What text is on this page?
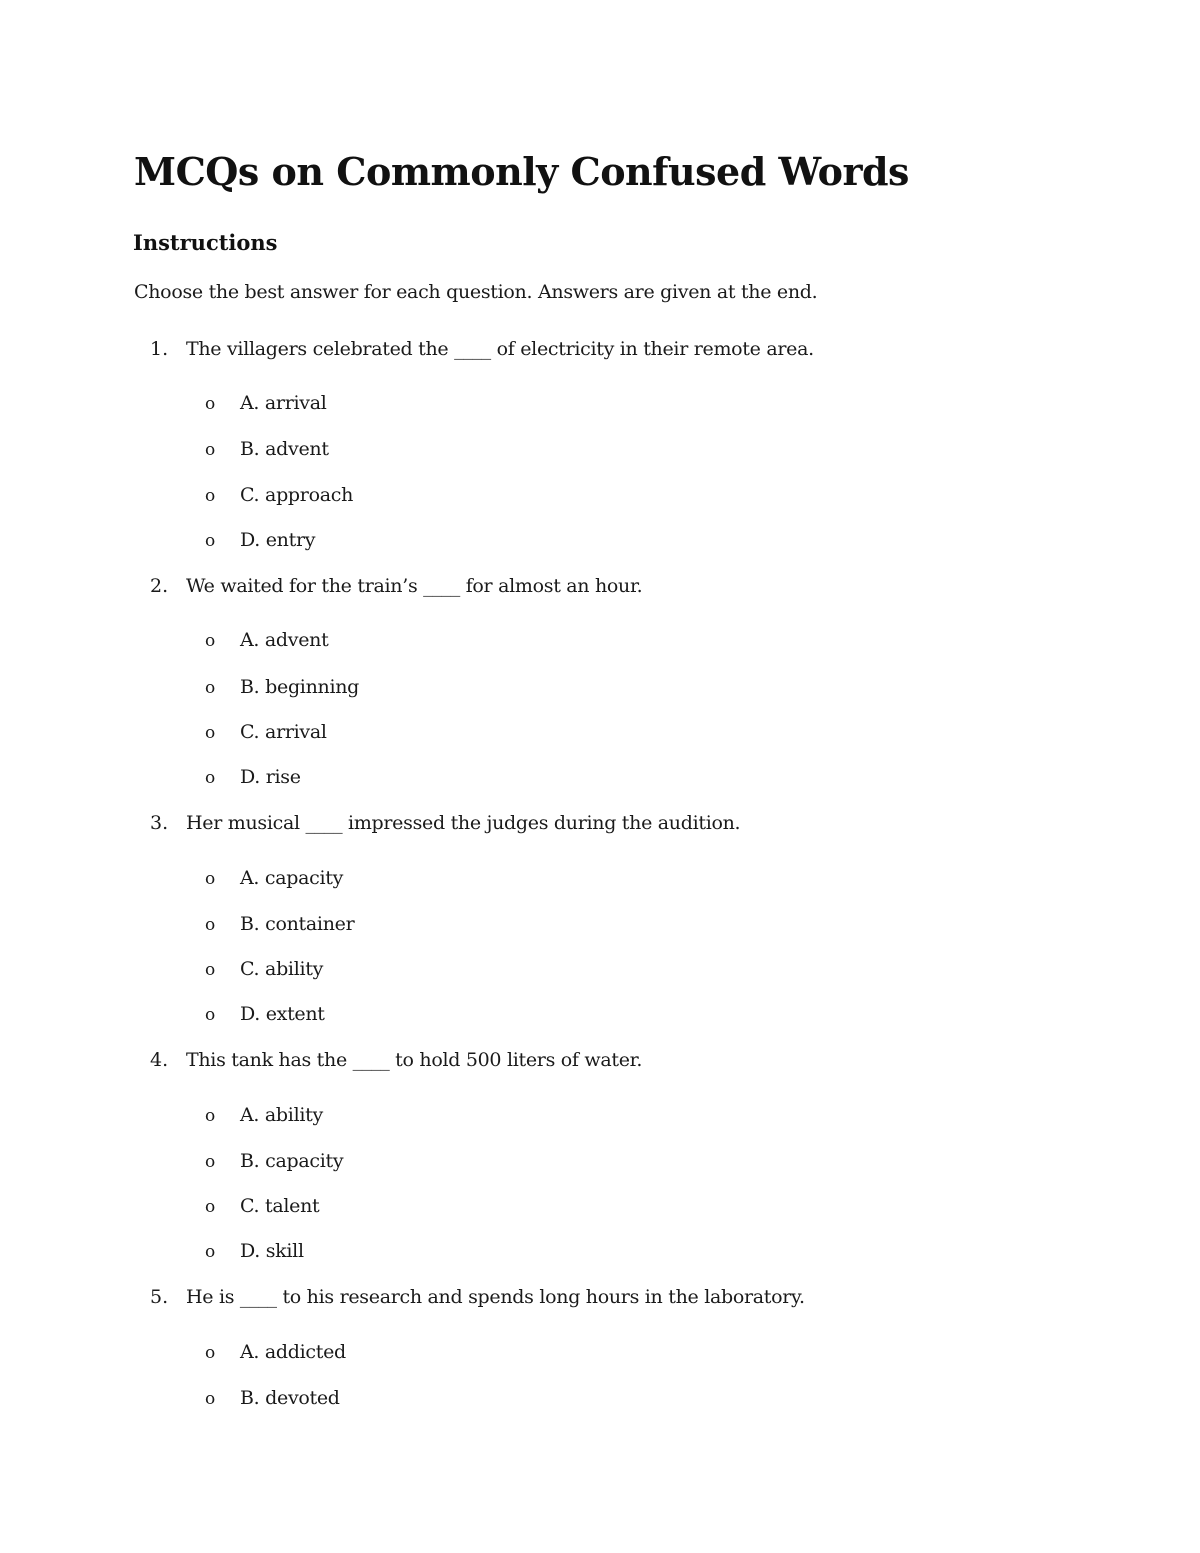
MCQs on Commonly Confused Words
Instructions

Choose the best answer for each question. Answers are given at the end.

1. The villagers celebrated the ____ of electricity in their remote area.
o A. arrival
o B. advent
o C. approach
o D. entry
2. We waited for the train’s ____ for almost an hour.
o A. advent
o B. beginning
o C. arrival
o D. rise
3. Her musical ____ impressed the judges during the audition.
o A. capacity
o B. container
o C. ability
o D. extent
4. This tank has the ____ to hold 500 liters of water.
o A. ability
o B. capacity
o C. talent
o D. skill
5. He is ____ to his research and spends long hours in the laboratory.
o A. addicted
o B. devoted
